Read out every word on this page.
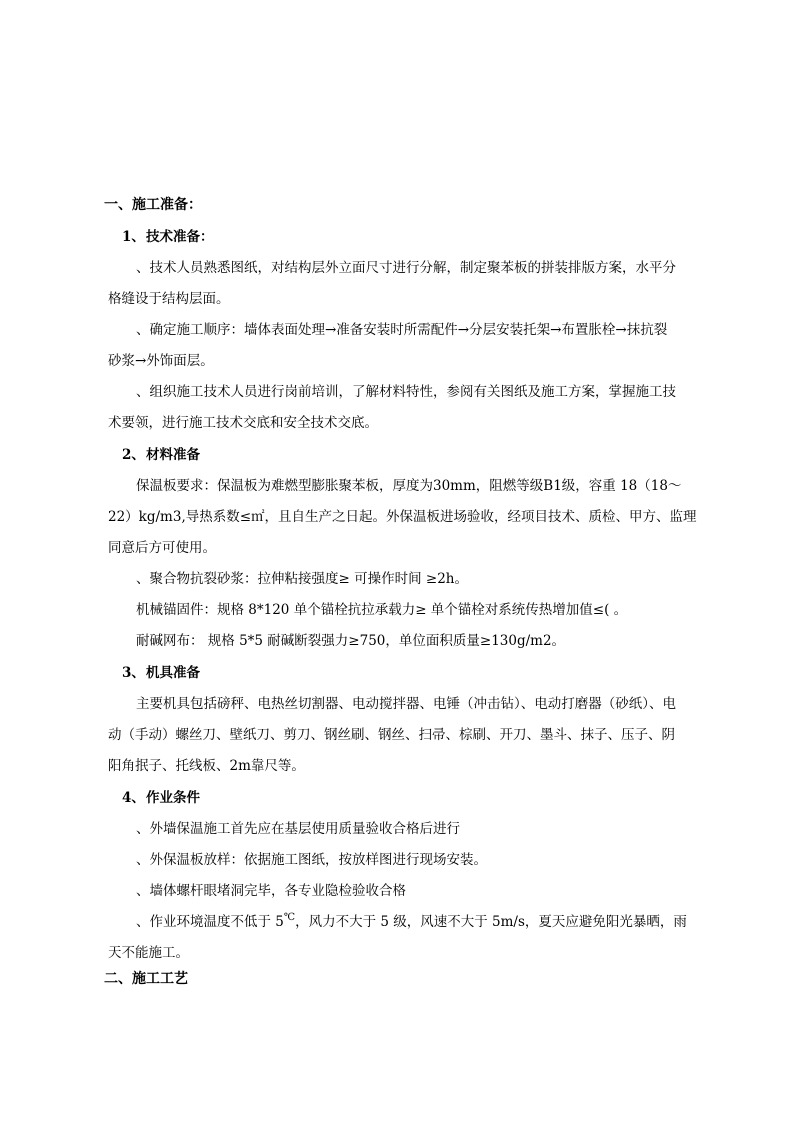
一、施工准备：
1、技术准备：
、技术人员熟悉图纸，对结构层外立面尺寸进行分解，制定聚苯板的拼装排版方案，水平分
格缝设于结构层面。
、确定施工顺序：墙体表面处理→准备安装时所需配件→分层安装托架→布置胀栓→抹抗裂
砂浆→外饰面层。
、组织施工技术人员进行岗前培训，了解材料特性，参阅有关图纸及施工方案，掌握施工技
术要领，进行施工技术交底和安全技术交底。
2、材料准备
保温板要求：保温板为难燃型膨胀聚苯板，厚度为30mm，阻燃等级B1级，容重 18（18～
22）kg/m3,导热系数≤㎡，且自生产之日起。外保温板进场验收，经项目技术、质检、甲方、监理
同意后方可使用。
、聚合物抗裂砂浆：拉伸粘接强度≥ 可操作时间 ≥2h。
机械锚固件：规格 8*120 单个锚栓抗拉承载力≥ 单个锚栓对系统传热增加值≤( 。
耐碱网布： 规格 5*5 耐碱断裂强力≥750，单位面积质量≥130g/m2。
3、机具准备
主要机具包括磅秤、电热丝切割器、电动搅拌器、电锤（冲击钻）、电动打磨器（砂纸）、电
动（手动）螺丝刀、壁纸刀、剪刀、钢丝刷、钢丝、扫帚、棕刷、开刀、墨斗、抹子、压子、阴
阳角抿子、托线板、2m靠尺等。
4、作业条件
、外墙保温施工首先应在基层使用质量验收合格后进行
、外保温板放样：依据施工图纸，按放样图进行现场安装。
、墙体螺杆眼堵洞完毕，各专业隐检验收合格
、作业环境温度不低于 5℃，风力不大于 5 级，风速不大于 5m/s，夏天应避免阳光暴晒，雨
天不能施工。
二、施工工艺
